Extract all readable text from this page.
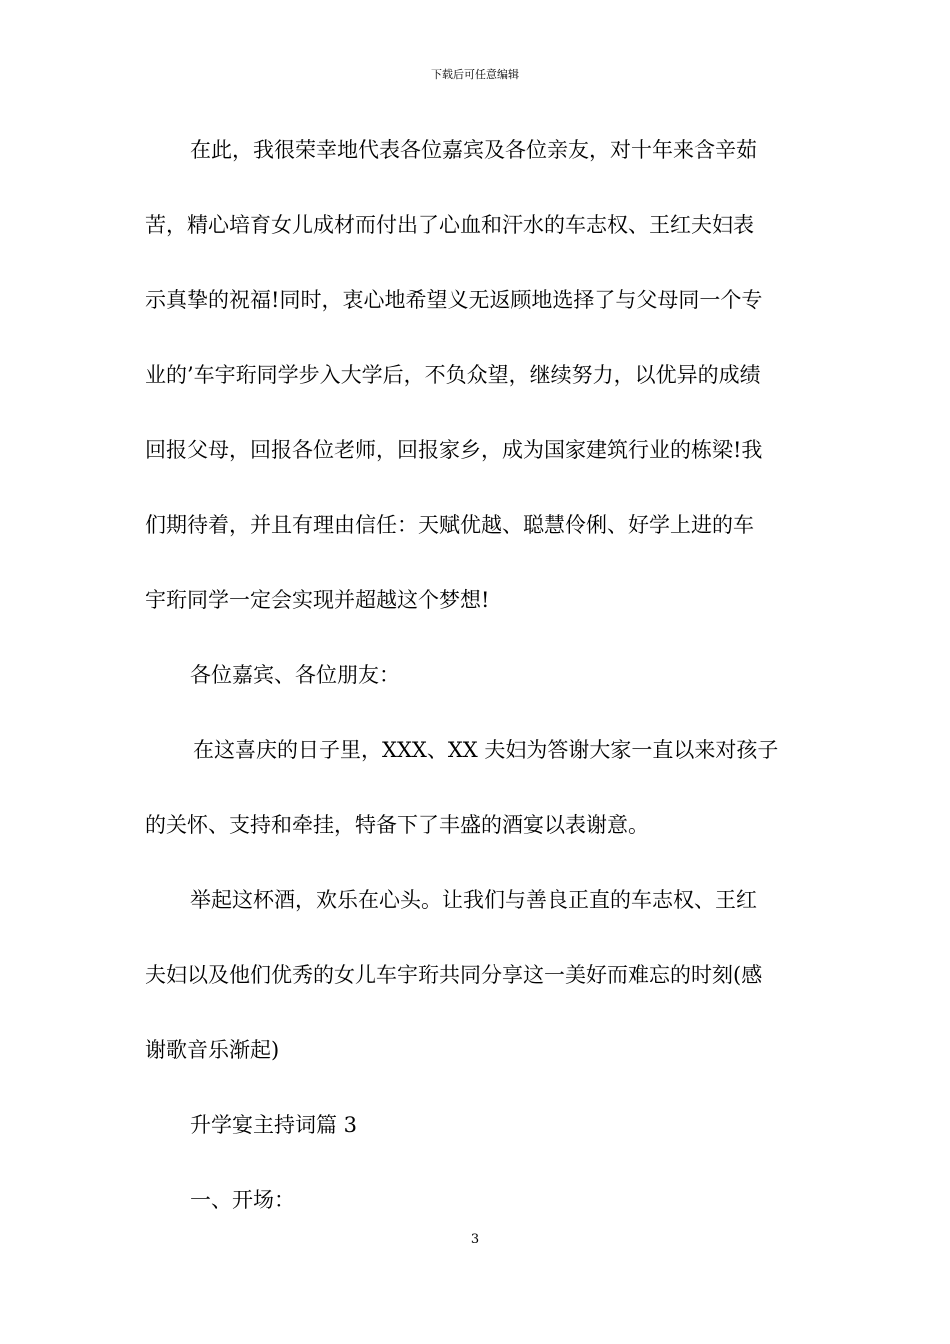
下载后可任意编辑
在此，我很荣幸地代表各位嘉宾及各位亲友，对十年来含辛茹
苦，精心培育女儿成材而付出了心血和汗水的车志权、王红夫妇表
示真挚的祝福!同时，衷心地希望义无返顾地选择了与父母同一个专
业的’车宇珩同学步入大学后，不负众望，继续努力，以优异的成绩
回报父母，回报各位老师，回报家乡，成为国家建筑行业的栋梁!我
们期待着，并且有理由信任：天赋优越、聪慧伶俐、好学上进的车
宇珩同学一定会实现并超越这个梦想!
各位嘉宾、各位朋友：
在这喜庆的日子里，XXX、XX 夫妇为答谢大家一直以来对孩子
的关怀、支持和牵挂，特备下了丰盛的酒宴以表谢意。
举起这杯酒，欢乐在心头。让我们与善良正直的车志权、王红
夫妇以及他们优秀的女儿车宇珩共同分享这一美好而难忘的时刻(感
谢歌音乐渐起)
升学宴主持词篇 3
一、开场：
3
